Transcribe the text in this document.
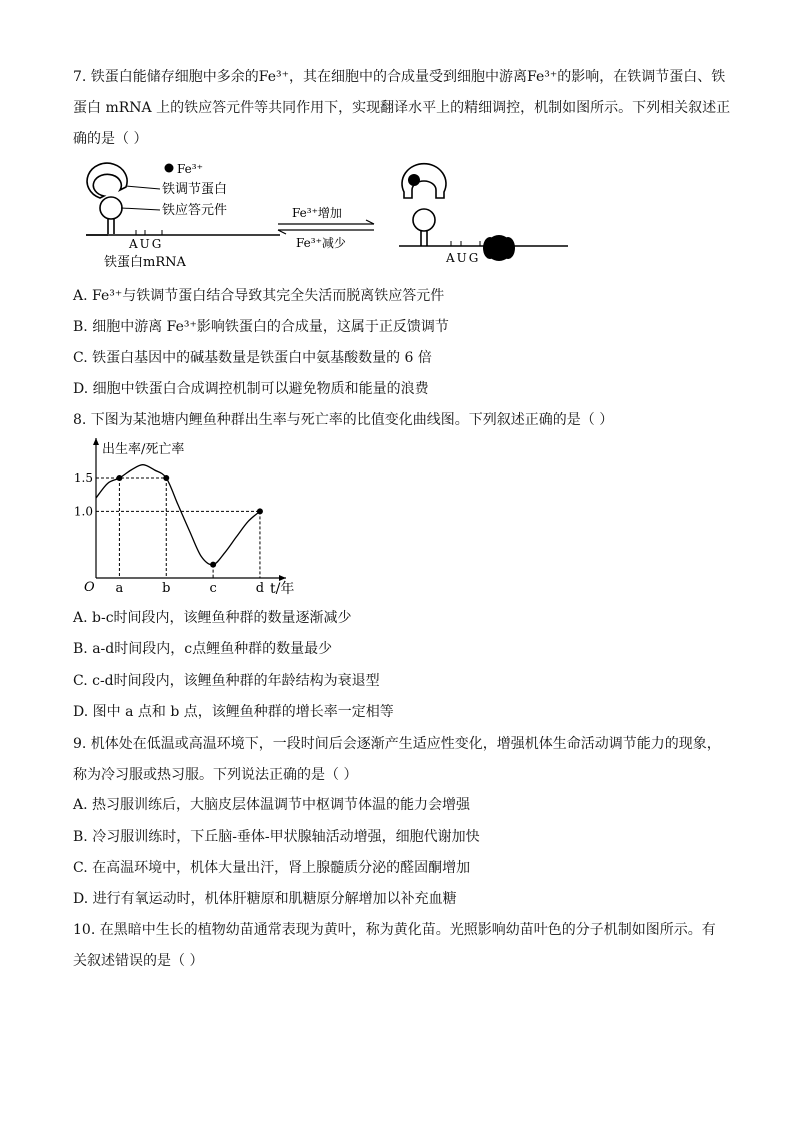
7. 铁蛋白能储存细胞中多余的Fe³⁺，其在细胞中的合成量受到细胞中游离Fe³⁺的影响，在铁调节蛋白、铁
蛋白 mRNA 上的铁应答元件等共同作用下，实现翻译水平上的精细调控，机制如图所示。下列相关叙述正
确的是（ ）
Fe³⁺
AUG
铁蛋白mRNA
铁调节蛋白
铁应答元件	Fe³⁺增加
Fe³⁺减少
AUG
A. Fe³⁺与铁调节蛋白结合导致其完全失活而脱离铁应答元件
B. 细胞中游离 Fe³⁺影响铁蛋白的合成量，这属于正反馈调节
C. 铁蛋白基因中的碱基数量是铁蛋白中氨基酸数量的 6 倍
D. 细胞中铁蛋白合成调控机制可以避免物质和能量的浪费
8. 下图为某池塘内鲤鱼种群出生率与死亡率的比值变化曲线图。下列叙述正确的是（ ）
出生率/死亡率
t/年
O
1.0
1.5
a	b	c	d
A. b-c时间段内，该鲤鱼种群的数量逐渐减少
B. a-d时间段内，c点鲤鱼种群的数量最少
C. c-d时间段内，该鲤鱼种群的年龄结构为衰退型
D. 图中 a 点和 b 点，该鲤鱼种群的增长率一定相等
9. 机体处在低温或高温环境下，一段时间后会逐渐产生适应性变化，增强机体生命活动调节能力的现象，
称为冷习服或热习服。下列说法正确的是（ ）
A. 热习服训练后，大脑皮层体温调节中枢调节体温的能力会增强
B. 冷习服训练时，下丘脑-垂体-甲状腺轴活动增强，细胞代谢加快
C. 在高温环境中，机体大量出汗，肾上腺髓质分泌的醛固酮增加
D. 进行有氧运动时，机体肝糖原和肌糖原分解增加以补充血糖
10. 在黑暗中生长的植物幼苗通常表现为黄叶，称为黄化苗。光照影响幼苗叶色的分子机制如图所示。有
关叙述错误的是（ ）
